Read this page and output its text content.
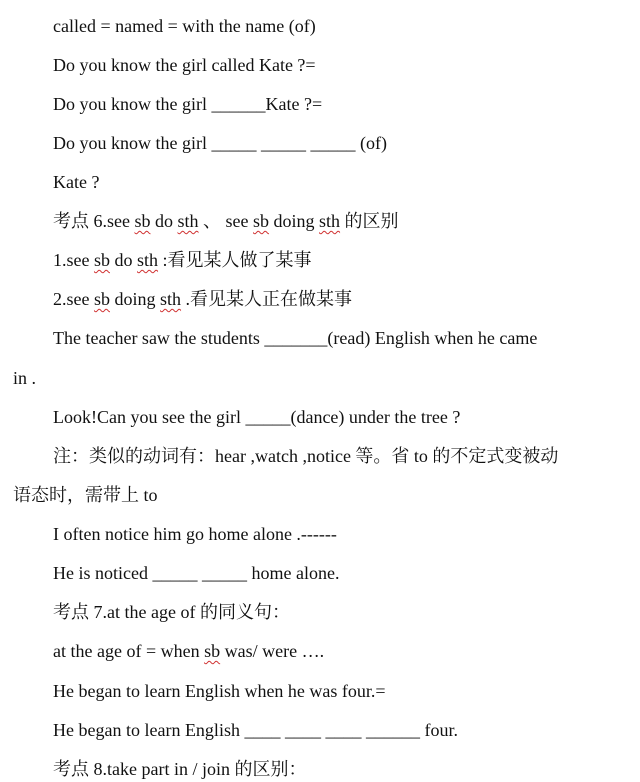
called = named = with the name (of)
Do you know the girl called Kate ?=
Do you know the girl ______Kate ?=
Do you know the girl _____ _____ _____ (of)
Kate ?
考点 6.see sb do sth 、 see sb doing sth 的区别
1.see sb do sth :看见某人做了某事
2.see sb doing sth .看见某人正在做某事
The teacher saw the students _______(read) English when he came
in .
Look!Can you see the girl _____(dance) under the tree ?
注：类似的动词有：hear ,watch ,notice 等。省 to 的不定式变被动
语态时，需带上 to
I often notice him go home alone .------
He is noticed _____ _____ home alone.
考点 7.at the age of 的同义句：
at the age of = when sb was/ were ….
He began to learn English when he was four.=
He began to learn English ____ ____ ____ ______ four.
考点 8.take part in / join 的区别：
